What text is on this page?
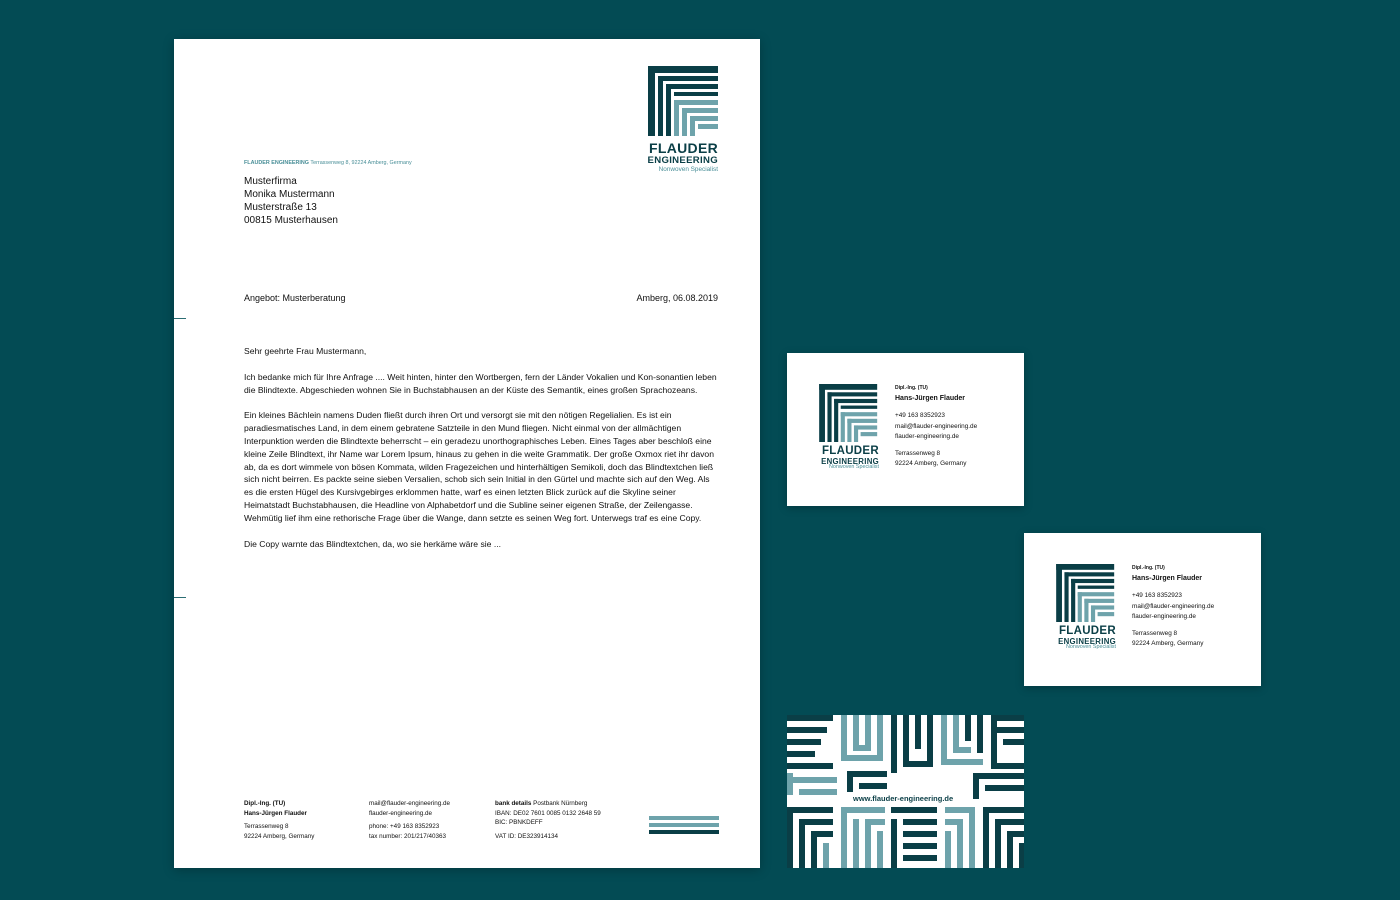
FLAUDER
ENGINEERING
Nonwoven Specialist
FLAUDER ENGINEERING Terrassenweg 8, 92224 Amberg, Germany
Musterfirma
Monika Mustermann
Musterstraße 13
00815 Musterhausen
Angebot: Musterberatung	Amberg, 06.08.2019

Sehr geehrte Frau Mustermann,

Ich bedanke mich für Ihre Anfrage .... Weit hinten, hinter den Wortbergen, fern der Länder Vokalien und Kon-sonantien leben die Blindtexte. Abgeschieden wohnen Sie in Buchstabhausen an der Küste des Semantik, eines großen Sprachozeans.

Ein kleines Bächlein namens Duden fließt durch ihren Ort und versorgt sie mit den nötigen Regelialien. Es ist ein paradiesmatisches Land, in dem einem gebratene Satzteile in den Mund fliegen. Nicht einmal von der allmächtigen Interpunktion werden die Blindtexte beherrscht – ein geradezu unorthographisches Leben. Eines Tages aber beschloß eine kleine Zeile Blindtext, ihr Name war Lorem Ipsum, hinaus zu gehen in die weite Grammatik. Der große Oxmox riet ihr davon ab, da es dort wimmele von bösen Kommata, wilden Fragezeichen und hinterhältigen Semikoli, doch das Blindtextchen ließ sich nicht beirren. Es packte seine sieben Versalien, schob sich sein Initial in den Gürtel und machte sich auf den Weg. Als es die ersten Hügel des Kursivgebirges erklommen hatte, warf es einen letzten Blick zurück auf die Skyline seiner Heimatstadt Buchstabhausen, die Headline von Alphabetdorf und die Subline seiner eigenen Straße, der Zeilengasse. Wehmütig lief ihm eine rethorische Frage über die Wange, dann setzte es seinen Weg fort. Unterwegs traf es eine Copy.

Die Copy warnte das Blindtextchen, da, wo sie herkäme wäre sie ...

Dipl.-Ing. (TU)
Hans-Jürgen Flauder
Terrassenweg 8
92224 Amberg, Germany
mail@flauder-engineering.de
flauder-engineering.de
phone: +49 163 8352923
tax number: 201/217/40363
bank details Postbank Nürnberg
IBAN: DE02 7601 0085 0132 2648 59
BIC: PBNKDEFF
VAT ID: DE323914134
FLAUDER
ENGINEERING
Nonwoven Specialist
Dipl.-Ing. (TU)
Hans-Jürgen Flauder
+49 163 8352923
mail@flauder-engineering.de
flauder-engineering.de
Terrassenweg 8
92224 Amberg, Germany
FLAUDER
ENGINEERING
Nonwoven Specialist
Dipl.-Ing. (TU)
Hans-Jürgen Flauder
+49 163 8352923
mail@flauder-engineering.de
flauder-engineering.de
Terrassenweg 8
92224 Amberg, Germany
www.flauder-engineering.de
